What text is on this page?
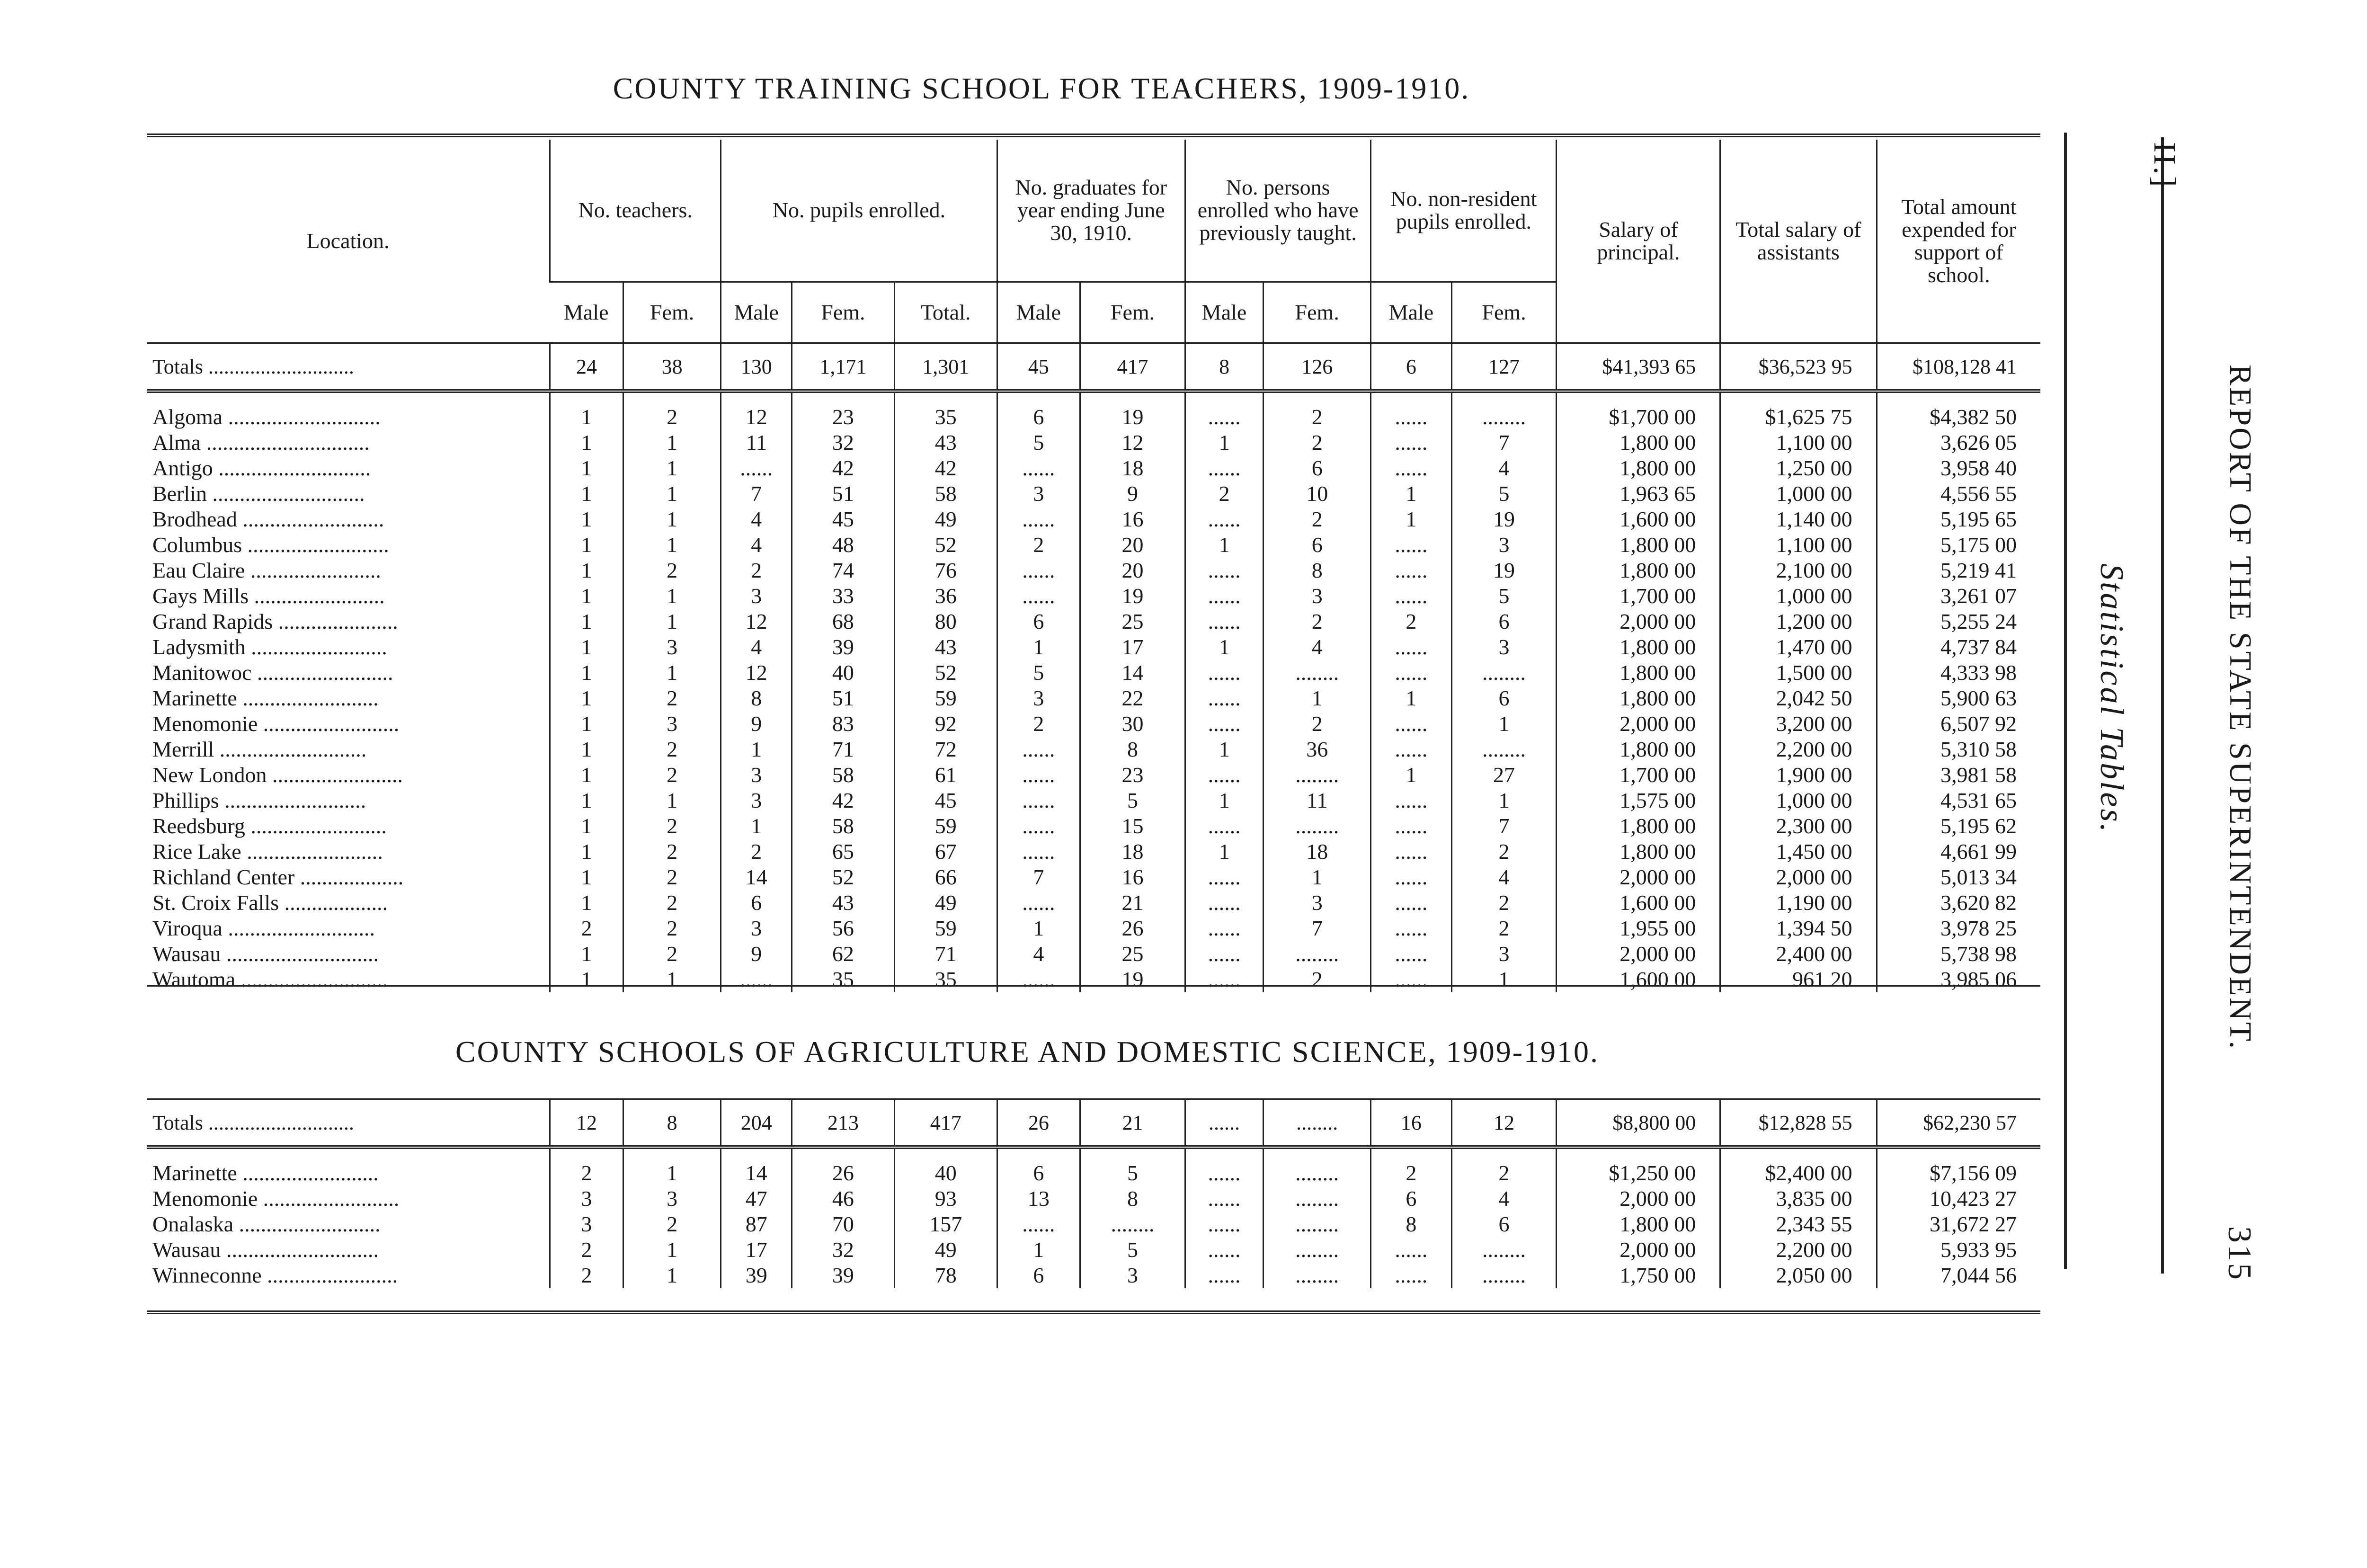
COUNTY TRAINING SCHOOL FOR TEACHERS, 1909-1910.
Location.	No. teachers.		No. pupils enrolled.			No. graduates for year ending June 30, 1910.		No. persons enrolled who have previously taught.		No. non-resident pupils enrolled.		Salary of principal.	Total salary of assistants	Total amount expended for support of school.
	Male	Fem.	Male	Fem.	Total.	Male	Fem.	Male	Fem.	Male	Fem.			
Totals ............................	24	38	130	1,171	1,301	45	417	8	126	6	127	$41,393 65	$36,523 95	$108,128 41
Algoma ............................	1	2	12	23	35	6	19	......	2	......	........	$1,700 00	$1,625 75	$4,382 50
Alma ..............................	1	1	11	32	43	5	12	1	2	......	7	1,800 00	1,100 00	3,626 05
Antigo ............................	1	1	......	42	42	......	18	......	6	......	4	1,800 00	1,250 00	3,958 40
Berlin ............................	1	1	7	51	58	3	9	2	10	1	5	1,963 65	1,000 00	4,556 55
Brodhead ..........................	1	1	4	45	49	......	16	......	2	1	19	1,600 00	1,140 00	5,195 65
Columbus ..........................	1	1	4	48	52	2	20	1	6	......	3	1,800 00	1,100 00	5,175 00
Eau Claire ........................	1	2	2	74	76	......	20	......	8	......	19	1,800 00	2,100 00	5,219 41
Gays Mills ........................	1	1	3	33	36	......	19	......	3	......	5	1,700 00	1,000 00	3,261 07
Grand Rapids ......................	1	1	12	68	80	6	25	......	2	2	6	2,000 00	1,200 00	5,255 24
Ladysmith .........................	1	3	4	39	43	1	17	1	4	......	3	1,800 00	1,470 00	4,737 84
Manitowoc .........................	1	1	12	40	52	5	14	......	........	......	........	1,800 00	1,500 00	4,333 98
Marinette .........................	1	2	8	51	59	3	22	......	1	1	6	1,800 00	2,042 50	5,900 63
Menomonie .........................	1	3	9	83	92	2	30	......	2	......	1	2,000 00	3,200 00	6,507 92
Merrill ...........................	1	2	1	71	72	......	8	1	36	......	........	1,800 00	2,200 00	5,310 58
New London ........................	1	2	3	58	61	......	23	......	........	1	27	1,700 00	1,900 00	3,981 58
Phillips ..........................	1	1	3	42	45	......	5	1	11	......	1	1,575 00	1,000 00	4,531 65
Reedsburg .........................	1	2	1	58	59	......	15	......	........	......	7	1,800 00	2,300 00	5,195 62
Rice Lake .........................	1	2	2	65	67	......	18	1	18	......	2	1,800 00	1,450 00	4,661 99
Richland Center ...................	1	2	14	52	66	7	16	......	1	......	4	2,000 00	2,000 00	5,013 34
St. Croix Falls ...................	1	2	6	43	49	......	21	......	3	......	2	1,600 00	1,190 00	3,620 82
Viroqua ...........................	2	2	3	56	59	1	26	......	7	......	2	1,955 00	1,394 50	3,978 25
Wausau ............................	1	2	9	62	71	4	25	......	........	......	3	2,000 00	2,400 00	5,738 98
Wautoma ...........................	1	1	......	35	35	......	19	......	2	......	1	1,600 00	961 20	3,985 06
COUNTY SCHOOLS OF AGRICULTURE AND DOMESTIC SCIENCE, 1909-1910.
Totals ............................	12	8	204	213	417	26	21	......	........	16	12	$8,800 00	$12,828 55	$62,230 57
Marinette .........................	2	1	14	26	40	6	5	......	........	2	2	$1,250 00	$2,400 00	$7,156 09
Menomonie .........................	3	3	47	46	93	13	8	......	........	6	4	2,000 00	3,835 00	10,423 27
Onalaska ..........................	3	2	87	70	157	......	........	......	........	8	6	1,800 00	2,343 55	31,672 27
Wausau ............................	2	1	17	32	49	1	5	......	........	......	........	2,000 00	2,200 00	5,933 95
Winneconne ........................	2	1	39	39	78	6	3	......	........	......	........	1,750 00	2,050 00	7,044 56
II.]
REPORT OF THE STATE SUPERINTENDENT.
Statistical Tables.
315
